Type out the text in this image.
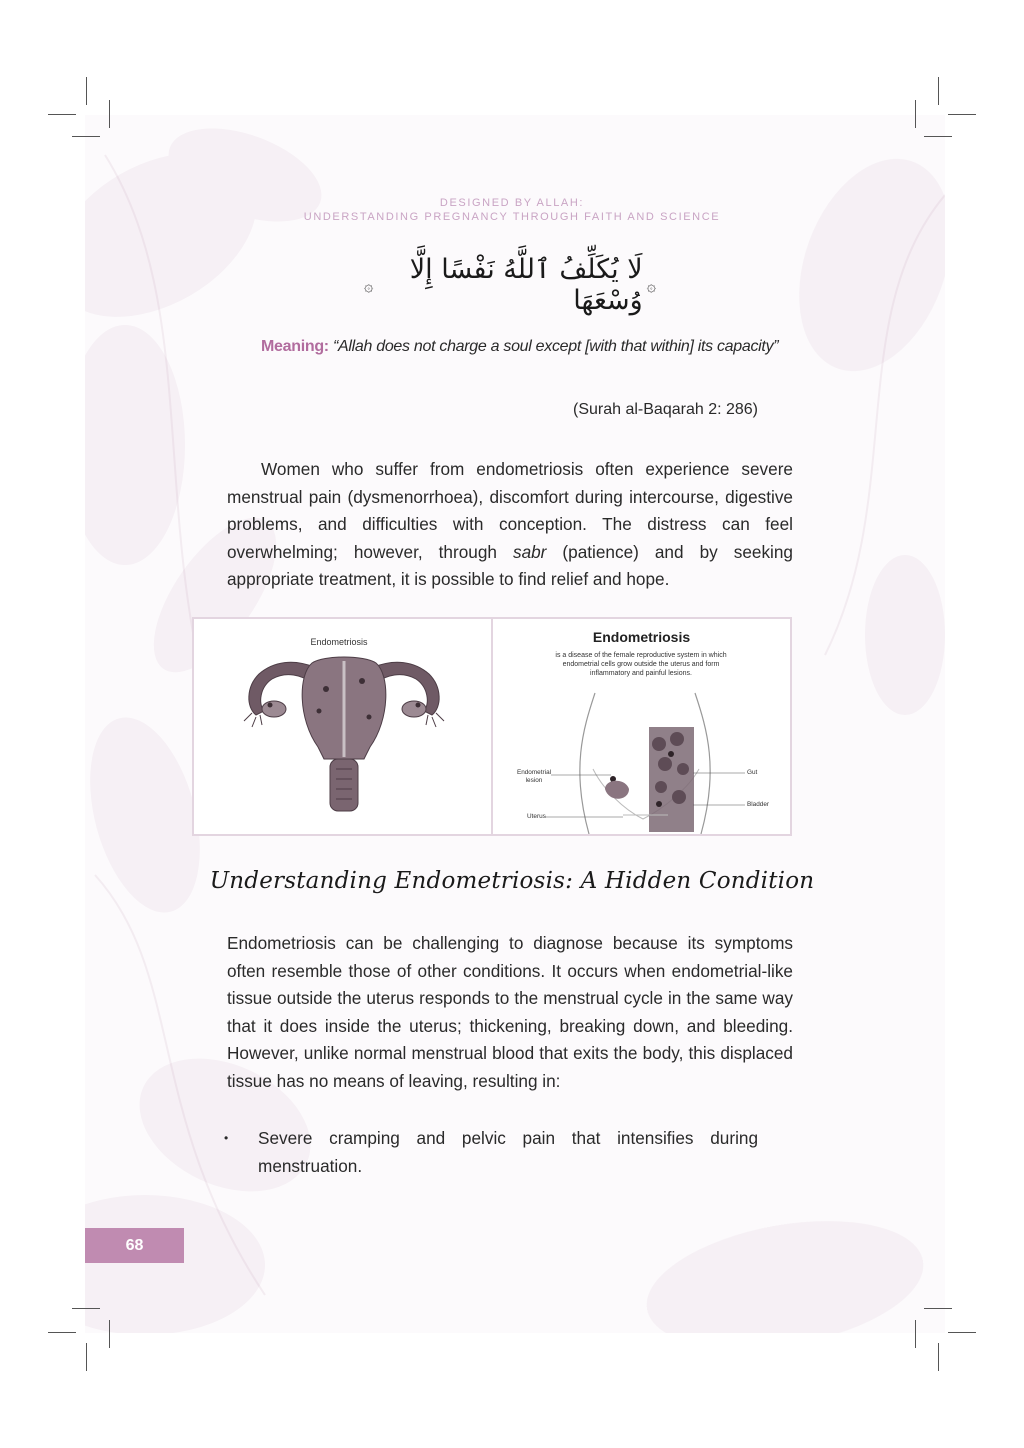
DESIGNED BY ALLAH:
UNDERSTANDING PREGNANCY THROUGH FAITH AND SCIENCE
۞	لَا يُكَلِّفُ ٱللَّهُ نَفْسًا إِلَّا وُسْعَهَا ۞
Meaning: “Allah does not charge a soul except [with that within] its capacity”
(Surah al-Baqarah 2: 286)
Women who suffer from endometriosis often experience severe menstrual pain (dysmenorrhoea), discomfort during intercourse, digestive problems, and difficulties with conception. The distress can feel overwhelming; however, through sabr (patience) and by seeking appropriate treatment, it is possible to find relief and hope.
Endometriosis	Endometriosis
is a disease of the female reproductive system in which endometrial cells grow outside the uterus and form inflammatory and painful lesions.
Endometrial lesion
Uterus
Gut
Bladder
Understanding Endometriosis: A Hidden Condition
Endometriosis can be challenging to diagnose because its symptoms often resemble those of other conditions. It occurs when endometrial-like tissue outside the uterus responds to the menstrual cycle in the same way that it does inside the uterus; thickening, breaking down, and bleeding. However, unlike normal menstrual blood that exits the body, this displaced tissue has no means of leaving, resulting in:
• Severe cramping and pelvic pain that intensifies during menstruation.
68
